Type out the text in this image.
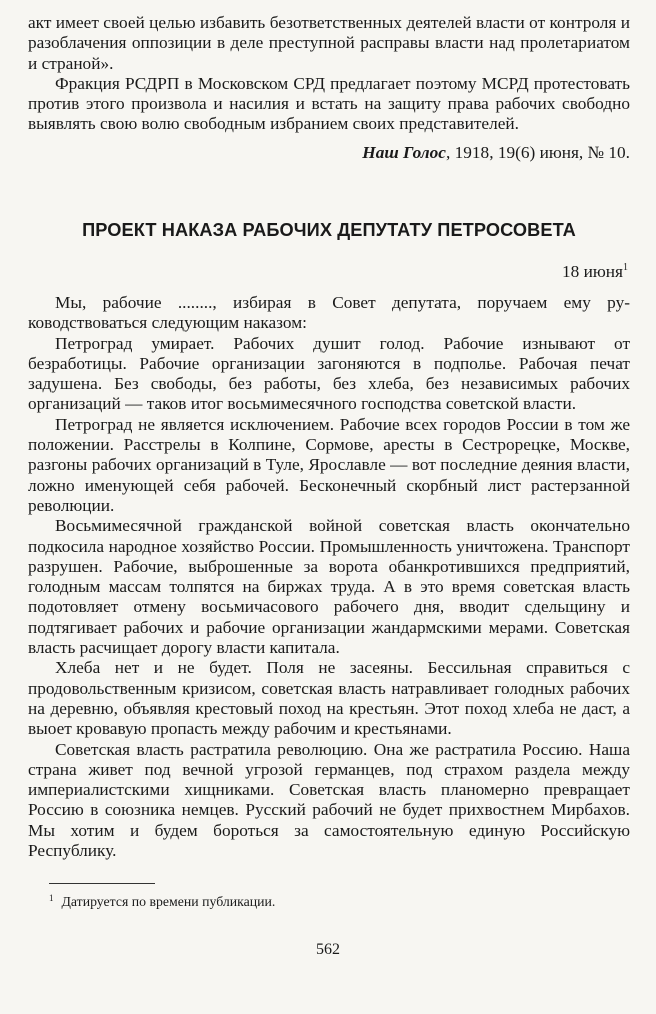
акт имеет своей целью избавить безответственных деятелей власти от контроля и разоблачения оппозиции в деле преступной расправы власти над пролетариатом и страной».

Фракция РСДРП в Московском СРД предлагает поэтому МСРД протестовать против этого произвола и насилия и встать на защиту права рабочих свободно выявлять свою волю свободным избранием своих представителей.

Наш Голос, 1918, 19(6) июня, № 10.

ПРОЕКТ НАКАЗА РАБОЧИХ ДЕПУТАТУ ПЕТРОСОВЕТА
18 июня$^1$

Мы, рабочие ........, избирая в Совет депутата, поручаем ему руководствоваться следующим наказом:

Петроград умирает. Рабочих душит голод. Рабочие изнывают от безработицы. Рабочие организации загоняются в подполье. Рабочая печат задушена. Без свободы, без работы, без хлеба, без независимых рабочих организаций — таков итог восьмимесячного господства советской власти.

Петроград не является исключением. Рабочие всех городов России в том же положении. Расстрелы в Колпине, Сормове, аресты в Сестрорецке, Москве, разгоны рабочих организаций в Туле, Ярославле — вот последние деяния власти, ложно именующей себя рабочей. Бесконечный скорбный лист растерзанной революции.

Восьмимесячной гражданской войной советская власть окончательно подкосила народное хозяйство России. Промышленность уничтожена. Транспорт разрушен. Рабочие, выброшенные за ворота обанкротившихся предприятий, голодным массам толпятся на биржах труда. А в это время советская власть подотовляет отмену восьмичасового рабочего дня, вводит сдельщину и подтягивает рабочих и рабочие организации жандармскими мерами. Советская власть расчищает дорогу власти капитала.

Хлеба нет и не будет. Поля не засеяны. Бессильная справиться с продовольственным кризисом, советская власть натравливает голодных рабочих на деревню, объявляя крестовый поход на крестьян. Этот поход хлеба не даст, а выоет кровавую пропасть между рабочим и крестьянами.

Советская власть растратила революцию. Она же растратила Россию. Наша страна живет под вечной угрозой германцев, под страхом раздела между империалистскими хищниками. Советская власть планомерно превращает Россию в союзника немцев. Русский рабочий не будет прихвостнем Мирбахов. Мы хотим и будем бороться за самостоятельную единую Российскую Республику.

$^1$ Датируется по времени публикации.
562
